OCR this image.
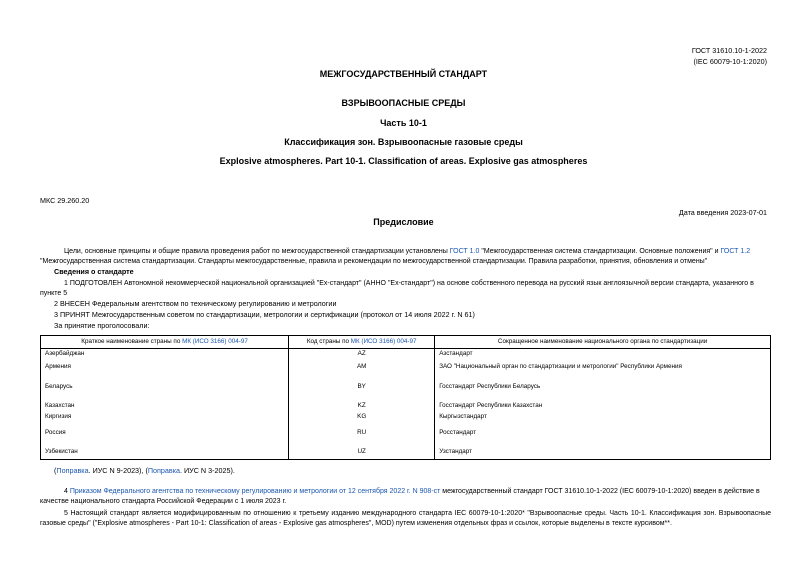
ГОСТ 31610.10-1-2022
(IEC 60079-10-1:2020)
МЕЖГОСУДАРСТВЕННЫЙ СТАНДАРТ
ВЗРЫВООПАСНЫЕ СРЕДЫ
Часть 10-1
Классификация зон. Взрывоопасные газовые среды
Explosive atmospheres. Part 10-1. Classification of areas. Explosive gas atmospheres
МКС 29.260.20
Дата введения 2023-07-01
Предисловие
Цели, основные принципы и общие правила проведения работ по межгосударственной стандартизации установлены ГОСТ 1.0 "Межгосударственная система стандартизации. Основные положения" и ГОСТ 1.2 "Межгосударственная система стандартизации. Стандарты межгосударственные, правила и рекомендации по межгосударственной стандартизации. Правила разработки, принятия, обновления и отмены"
Сведения о стандарте
1 ПОДГОТОВЛЕН Автономной некоммерческой национальной организацией "Ех-стандарт" (АННО "Ех-стандарт") на основе собственного перевода на русский язык англоязычной версии стандарта, указанного в пункте 5
2 ВНЕСЕН Федеральным агентством по техническому регулированию и метрологии
3 ПРИНЯТ Межгосударственным советом по стандартизации, метрологии и сертификации (протокол от 14 июля 2022 г. N 61)
За принятие проголосовали:
Краткое наименование страны по МК (ИСО 3166) 004-97	Код страны по МК (ИСО 3166) 004-97	Сокращенное наименование национального органа по стандартизации
Азербайджан	AZ	Азстандарт
Армения	AM	ЗАО "Национальный орган по стандартизации и метрологии" Республики Армения
Беларусь	BY	Госстандарт Республики Беларусь
Казахстан	KZ	Госстандарт Республики Казахстан
Киргизия	KG	Кыргызстандарт
Россия	RU	Росстандарт
Узбекистан	UZ	Узстандарт
(Поправка. ИУС N 9-2023), (Поправка. ИУС N 3-2025).
4 Приказом Федерального агентства по техническому регулированию и метрологии от 12 сентября 2022 г. N 908-ст межгосударственный стандарт ГОСТ 31610.10-1-2022 (IEC 60079-10-1:2020) введен в действие в качестве национального стандарта Российской Федерации с 1 июля 2023 г.
5 Настоящий стандарт является модифицированным по отношению к третьему изданию международного стандарта IEC 60079-10-1:2020* "Взрывоопасные среды. Часть 10-1. Классификация зон. Взрывоопасные газовые среды" ("Explosive atmospheres - Part 10-1: Classification of areas - Explosive gas atmospheres", MOD) путем изменения отдельных фраз и ссылок, которые выделены в тексте курсивом**.
